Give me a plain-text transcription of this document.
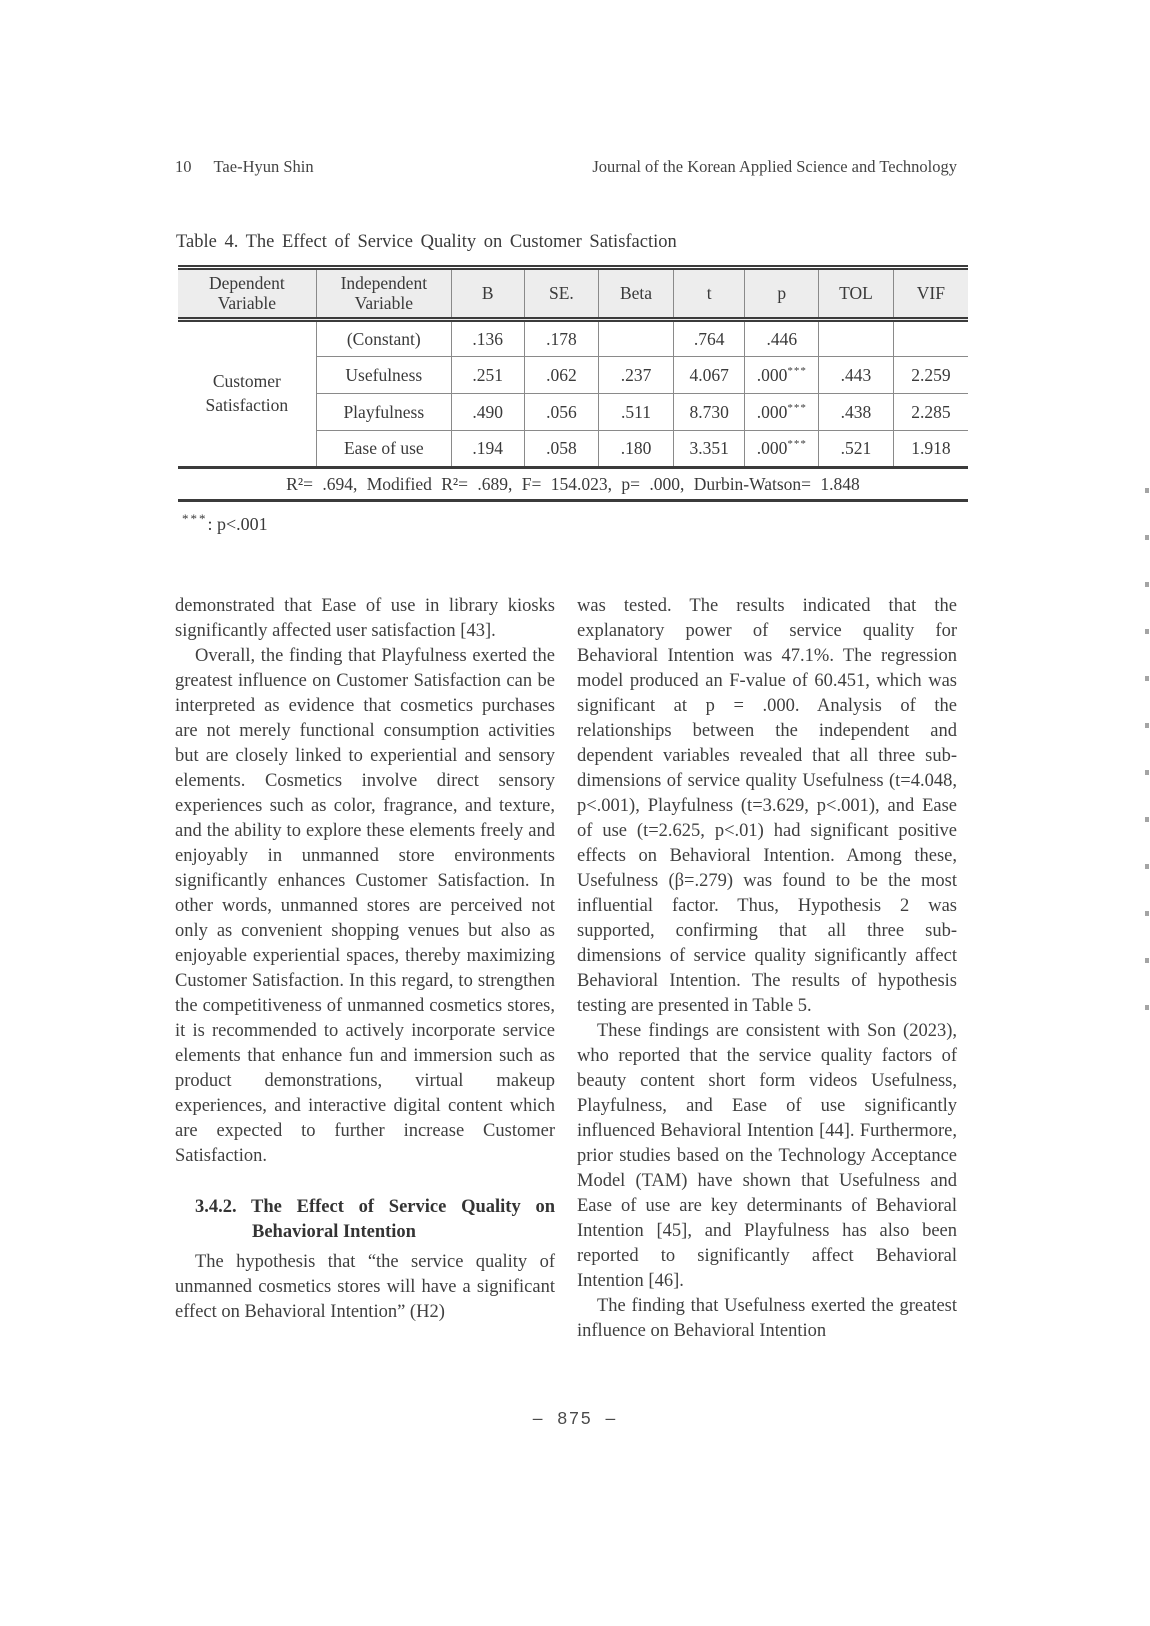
10 Tae-Hyun Shin	Journal of the Korean Applied Science and Technology
Table 4. The Effect of Service Quality on Customer Satisfaction
Dependent Variable	Independent Variable	B	SE.	Beta	t	p	TOL	VIF
Customer Satisfaction	(Constant)	.136	.178		.764	.446		
	Usefulness	.251	.062	.237	4.067	.000***	.443	2.259
	Playfulness	.490	.056	.511	8.730	.000***	.438	2.285
	Ease of use	.194	.058	.180	3.351	.000***	.521	1.918
R²= .694, Modified R²= .689, F= 154.023, p= .000, Durbin-Watson= 1.848								
***: p<.001

demonstrated that Ease of use in library kiosks significantly affected user satisfaction [43].

Overall, the finding that Playfulness exerted the greatest influence on Customer Satisfaction can be interpreted as evidence that cosmetics purchases are not merely functional consumption activities but are closely linked to experiential and sensory elements. Cosmetics involve direct sensory experiences such as color, fragrance, and texture, and the ability to explore these elements freely and enjoyably in unmanned store environments significantly enhances Customer Satisfaction. In other words, unmanned stores are perceived not only as convenient shopping venues but also as enjoyable experiential spaces, thereby maximizing Customer Satisfaction. In this regard, to strengthen the competitiveness of unmanned cosmetics stores, it is recommended to actively incorporate service elements that enhance fun and immersion such as product demonstrations, virtual makeup experiences, and interactive digital content which are expected to further increase Customer Satisfaction.

3.4.2. The Effect of Service Quality on Behavioral Intention

The hypothesis that “the service quality of unmanned cosmetics stores will have a significant effect on Behavioral Intention” (H2)

was tested. The results indicated that the explanatory power of service quality for Behavioral Intention was 47.1%. The regression model produced an F-value of 60.451, which was significant at p = .000. Analysis of the relationships between the independent and dependent variables revealed that all three sub-dimensions of service quality Usefulness (t=4.048, p<.001), Playfulness (t=3.629, p<.001), and Ease of use (t=2.625, p<.01) had significant positive effects on Behavioral Intention. Among these, Usefulness (β=.279) was found to be the most influential factor. Thus, Hypothesis 2 was supported, confirming that all three sub-dimensions of service quality significantly affect Behavioral Intention. The results of hypothesis testing are presented in Table 5.

These findings are consistent with Son (2023), who reported that the service quality factors of beauty content short form videos Usefulness, Playfulness, and Ease of use significantly influenced Behavioral Intention [44]. Furthermore, prior studies based on the Technology Acceptance Model (TAM) have shown that Usefulness and Ease of use are key determinants of Behavioral Intention [45], and Playfulness has also been reported to significantly affect Behavioral Intention [46].

The finding that Usefulness exerted the greatest influence on Behavioral Intention

– 875 –
